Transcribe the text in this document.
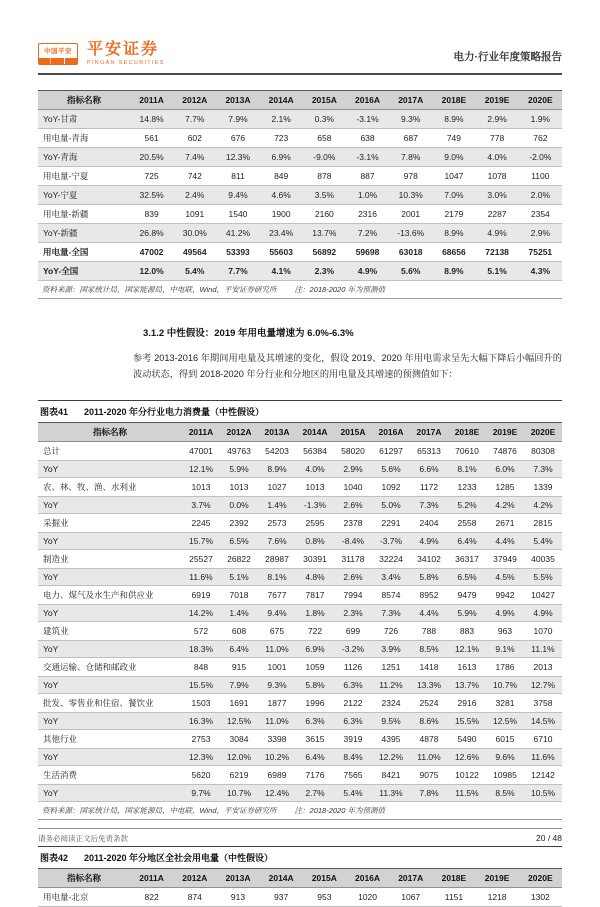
中国平安 平安证券
PINGAN SECURITIES	电力·行业年度策略报告
指标名称	2011A	2012A	2013A	2014A	2015A	2016A	2017A	2018E	2019E	2020E
YoY-甘肃	14.8%	7.7%	7.9%	2.1%	0.3%	-3.1%	9.3%	8.9%	2.9%	1.9%
用电量-青海	561	602	676	723	658	638	687	749	778	762
YoY-青海	20.5%	7.4%	12.3%	6.9%	-9.0%	-3.1%	7.8%	9.0%	4.0%	-2.0%
用电量-宁夏	725	742	811	849	878	887	978	1047	1078	1100
YoY-宁夏	32.5%	2.4%	9.4%	4.6%	3.5%	1.0%	10.3%	7.0%	3.0%	2.0%
用电量-新疆	839	1091	1540	1900	2160	2316	2001	2179	2287	2354
YoY-新疆	26.8%	30.0%	41.2%	23.4%	13.7%	7.2%	-13.6%	8.9%	4.9%	2.9%
用电量-全国	47002	49564	53393	55603	56892	59698	63018	68656	72138	75251
YoY-全国	12.0%	5.4%	7.7%	4.1%	2.3%	4.9%	5.6%	8.9%	5.1%	4.3%
资料来源：国家统计局，国家能源局，中电联，Wind，平安证券研究所 注：2018-2020 年为预测值
3.1.2 中性假设：2019 年用电量增速为 6.0%-6.3%
参考 2013-2016 年期间用电量及其增速的变化，假设 2019、2020 年用电需求呈先大幅下降后小幅回升的波动状态，得到 2018-2020 年分行业和分地区的用电量及其增速的预测值如下：
图表41 2011-2020 年分行业电力消费量（中性假设）
指标名称	2011A	2012A	2013A	2014A	2015A	2016A	2017A	2018E	2019E	2020E
总计	47001	49763	54203	56384	58020	61297	65313	70610	74876	80308
YoY	12.1%	5.9%	8.9%	4.0%	2.9%	5.6%	6.6%	8.1%	6.0%	7.3%
农、林、牧、渔、水利业	1013	1013	1027	1013	1040	1092	1172	1233	1285	1339
YoY	3.7%	0.0%	1.4%	-1.3%	2.6%	5.0%	7.3%	5.2%	4.2%	4.2%
采掘业	2245	2392	2573	2595	2378	2291	2404	2558	2671	2815
YoY	15.7%	6.5%	7.6%	0.8%	-8.4%	-3.7%	4.9%	6.4%	4.4%	5.4%
制造业	25527	26822	28987	30391	31178	32224	34102	36317	37949	40035
YoY	11.6%	5.1%	8.1%	4.8%	2.6%	3.4%	5.8%	6.5%	4.5%	5.5%
电力、煤气及水生产和供应业	6919	7018	7677	7817	7994	8574	8952	9479	9942	10427
YoY	14.2%	1.4%	9.4%	1.8%	2.3%	7.3%	4.4%	5.9%	4.9%	4.9%
建筑业	572	608	675	722	699	726	788	883	963	1070
YoY	18.3%	6.4%	11.0%	6.9%	-3.2%	3.9%	8.5%	12.1%	9.1%	11.1%
交通运输、仓储和邮政业	848	915	1001	1059	1126	1251	1418	1613	1786	2013
YoY	15.5%	7.9%	9.3%	5.8%	6.3%	11.2%	13.3%	13.7%	10.7%	12.7%
批发、零售业和住宿、餐饮业	1503	1691	1877	1996	2122	2324	2524	2916	3281	3758
YoY	16.3%	12.5%	11.0%	6.3%	6.3%	9.5%	8.6%	15.5%	12.5%	14.5%
其他行业	2753	3084	3398	3615	3919	4395	4878	5490	6015	6710
YoY	12.3%	12.0%	10.2%	6.4%	8.4%	12.2%	11.0%	12.6%	9.6%	11.6%
生活消费	5620	6219	6989	7176	7565	8421	9075	10122	10985	12142
YoY	9.7%	10.7%	12.4%	2.7%	5.4%	11.3%	7.8%	11.5%	8.5%	10.5%
资料来源：国家统计局，国家能源局，中电联，Wind，平安证券研究所 注：2018-2020 年为预测值
图表42 2011-2020 年分地区全社会用电量（中性假设）
指标名称	2011A	2012A	2013A	2014A	2015A	2016A	2017A	2018E	2019E	2020E
用电量-北京	822	874	913	937	953	1020	1067	1151	1218	1302
请务必阅读正文后免责条款	20 / 48
